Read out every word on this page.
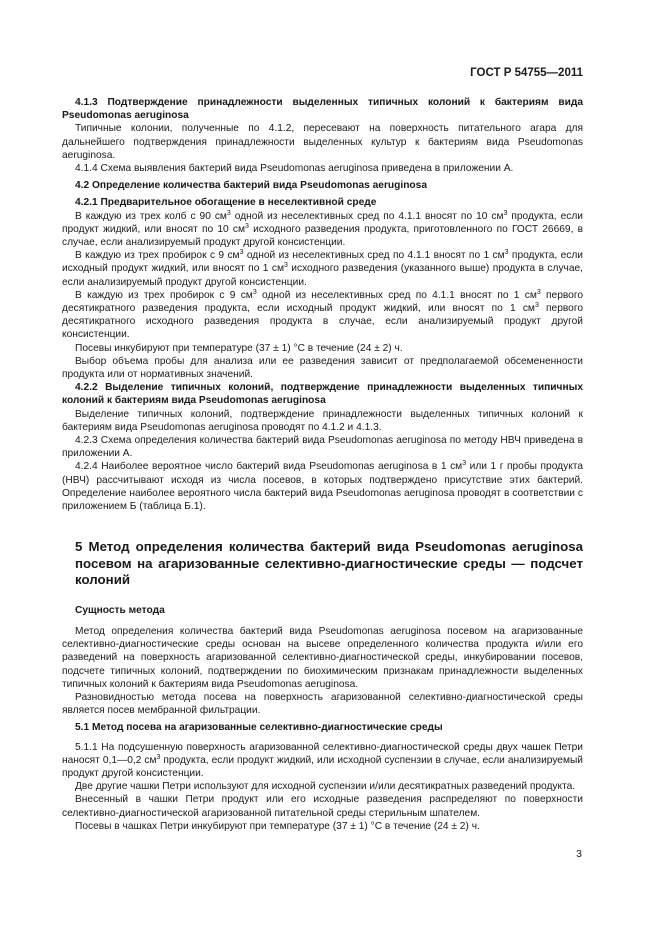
ГОСТ Р 54755—2011

4.1.3 Подтверждение принадлежности выделенных типичных колоний к бактериям вида Pseudomonas aeruginosa

Типичные колонии, полученные по 4.1.2, пересевают на поверхность питательного агара для дальнейшего подтверждения принадлежности выделенных культур к бактериям вида Pseudomonas aeruginosa.

4.1.4 Схема выявления бактерий вида Pseudomonas aeruginosa приведена в приложении А.

4.2 Определение количества бактерий вида Pseudomonas aeruginosa

4.2.1 Предварительное обогащение в неселективной среде

В каждую из трех колб с 90 $см^3$ одной из неселективных сред по 4.1.1 вносят по 10 $см^3$ продукта, если продукт жидкий, или вносят по 10 $см^3$ исходного разведения продукта, приготовленного по ГОСТ 26669, в случае, если анализируемый продукт другой консистенции.

В каждую из трех пробирок с 9 $см^3$ одной из неселективных сред по 4.1.1 вносят по 1 $см^3$ продукта, если исходный продукт жидкий, или вносят по 1 $см^3$ исходного разведения (указанного выше) продукта в случае, если анализируемый продукт другой консистенции.

В каждую из трех пробирок с 9 $см^3$ одной из неселективных сред по 4.1.1 вносят по 1 $см^3$ первого десятикратного разведения продукта, если исходный продукт жидкий, или вносят по 1 $см^3$ первого десятикратного исходного разведения продукта в случае, если анализируемый продукт другой консистенции.

Посевы инкубируют при температуре (37 ± 1) °С в течение (24 ± 2) ч.

Выбор объема пробы для анализа или ее разведения зависит от предполагаемой обсемененности продукта или от нормативных значений.

4.2.2 Выделение типичных колоний, подтверждение принадлежности выделенных типичных колоний к бактериям вида Pseudomonas aeruginosa

Выделение типичных колоний, подтверждение принадлежности выделенных типичных колоний к бактериям вида Pseudomonas aeruginosa проводят по 4.1.2 и 4.1.3.

4.2.3 Схема определения количества бактерий вида Pseudomonas aeruginosa по методу НВЧ приведена в приложении А.

4.2.4 Наиболее вероятное число бактерий вида Pseudomonas aeruginosa в 1 $см^3$ или 1 г пробы продукта (НВЧ) рассчитывают исходя из числа посевов, в которых подтверждено присутствие этих бактерий. Определение наиболее вероятного числа бактерий вида Pseudomonas aeruginosa проводят в соответствии с приложением Б (таблица Б.1).

5 Метод определения количества бактерий вида Pseudomonas aeruginosa посевом на агаризованные селективно-диагностические среды — подсчет колоний

Сущность метода

Метод определения количества бактерий вида Pseudomonas aeruginosa посевом на агаризованные селективно-диагностические среды основан на высеве определенного количества продукта и/или его разведений на поверхность агаризованной селективно-диагностической среды, инкубировании посевов, подсчете типичных колоний, подтверждении по биохимическим признакам принадлежности выделенных типичных колоний к бактериям вида Pseudomonas aeruginosa.

Разновидностью метода посева на поверхность агаризованной селективно-диагностической среды является посев мембранной фильтрации.

5.1 Метод посева на агаризованные селективно-диагностические среды

5.1.1 На подсушенную поверхность агаризованной селективно-диагностической среды двух чашек Петри наносят 0,1—0,2 $см^3$ продукта, если продукт жидкий, или исходной суспензии в случае, если анализируемый продукт другой консистенции.

Две другие чашки Петри используют для исходной суспензии и/или десятикратных разведений продукта.

Внесенный в чашки Петри продукт или его исходные разведения распределяют по поверхности селективно-диагностической агаризованной питательной среды стерильным шпателем.

Посевы в чашках Петри инкубируют при температуре (37 ± 1) °С в течение (24 ± 2) ч.

3
